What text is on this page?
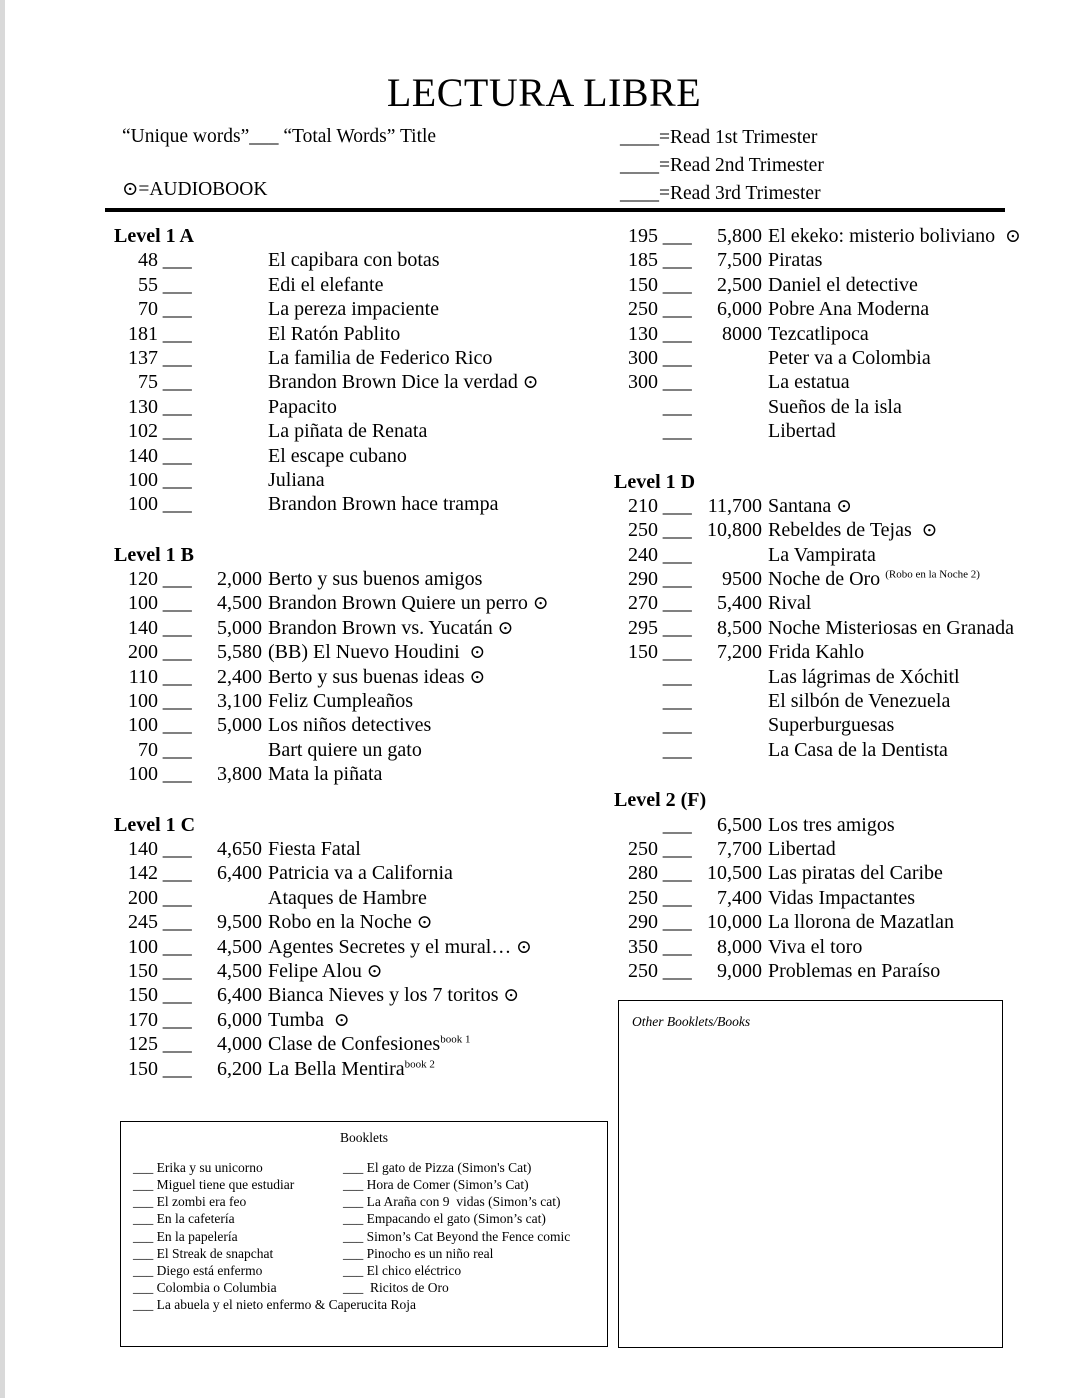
LECTURA LIBRE
“Unique words”___ “Total Words” Title
⊙=AUDIOBOOK
____=Read 1st Trimester
____=Read 2nd Trimester
____=Read 3rd Trimester
Level 1 A
48 ___	El capibara con botas
55 ___	Edi el elefante
70 ___	La pereza impaciente
181 ___	El Ratón Pablito
137 ___	La familia de Federico Rico
75 ___	Brandon Brown Dice la verdad ⊙
130 ___	Papacito
102 ___	La piñata de Renata
140 ___	El escape cubano
100 ___	Juliana
100 ___	Brandon Brown hace trampa
Level 1 B
120 ___	2,000 Berto y sus buenos amigos
100 ___	4,500 Brandon Brown Quiere un perro ⊙
140 ___	5,000 Brandon Brown vs. Yucatán ⊙
200 ___	5,580 (BB) El Nuevo Houdini  ⊙
110 ___	2,400 Berto y sus buenas ideas ⊙
100 ___	3,100 Feliz Cumpleaños
100 ___	5,000 Los niños detectives
70 ___	Bart quiere un gato
100 ___	3,800 Mata la piñata
Level 1 C
140 ___	4,650 Fiesta Fatal
142 ___	6,400 Patricia va a California
200 ___	Ataques de Hambre
245 ___	9,500 Robo en la Noche ⊙
100 ___	4,500 Agentes Secretes y el mural… ⊙
150 ___	4,500 Felipe Alou ⊙
150 ___	6,400 Bianca Nieves y los 7 toritos ⊙
170 ___	6,000 Tumba  ⊙
125 ___	4,000 Clase de Confesiones$^{book 1}$
150 ___	6,200 La Bella Mentira$^{book 2}$
195 ___	5,800 El ekeko: misterio boliviano  ⊙
185 ___	7,500 Piratas
150 ___	2,500 Daniel el detective
250 ___	6,000 Pobre Ana Moderna
130 ___	8000 Tezcatlipoca
300 ___	Peter va a Colombia
300 ___	La estatua
___	Sueños de la isla
___	Libertad
Level 1 D
210 ___ 11,700 Santana ⊙
250 ___ 10,800 Rebeldes de Tejas  ⊙
240 ___	La Vampirata
290 ___	9500 Noche de Oro $^{(Robo en la Noche 2)}$
270 ___	5,400 Rival
295 ___	8,500 Noche Misteriosas en Granada
150 ___	7,200 Frida Kahlo
___	Las lágrimas de Xóchitl
___	El silbón de Venezuela
___	Superburguesas
___	La Casa de la Dentista
Level 2 (F)
___	6,500 Los tres amigos
250 ___	7,700 Libertad
280 ___ 10,500 Las piratas del Caribe
250 ___	7,400 Vidas Impactantes
290 ___ 10,000 La llorona de Mazatlan
350 ___	8,000 Viva el toro
250 ___	9,000 Problemas en Paraíso
Booklets
___ Erika y su unicorno
___ Miguel tiene que estudiar
___ El zombi era feo
___ En la cafetería
___ En la papelería
___ El Streak de snapchat
___ Diego está enfermo
___ Colombia o Columbia
___ El gato de Pizza (Simon's Cat)
___ Hora de Comer (Simon’s Cat)
___ La Araña con 9  vidas (Simon’s cat)
___ Empacando el gato (Simon’s cat)
___ Simon’s Cat Beyond the Fence comic
___ Pinocho es un niño real
___ El chico eléctrico
___  Ricitos de Oro
___ La abuela y el nieto enfermo & Caperucita Roja
Other Booklets/Books
